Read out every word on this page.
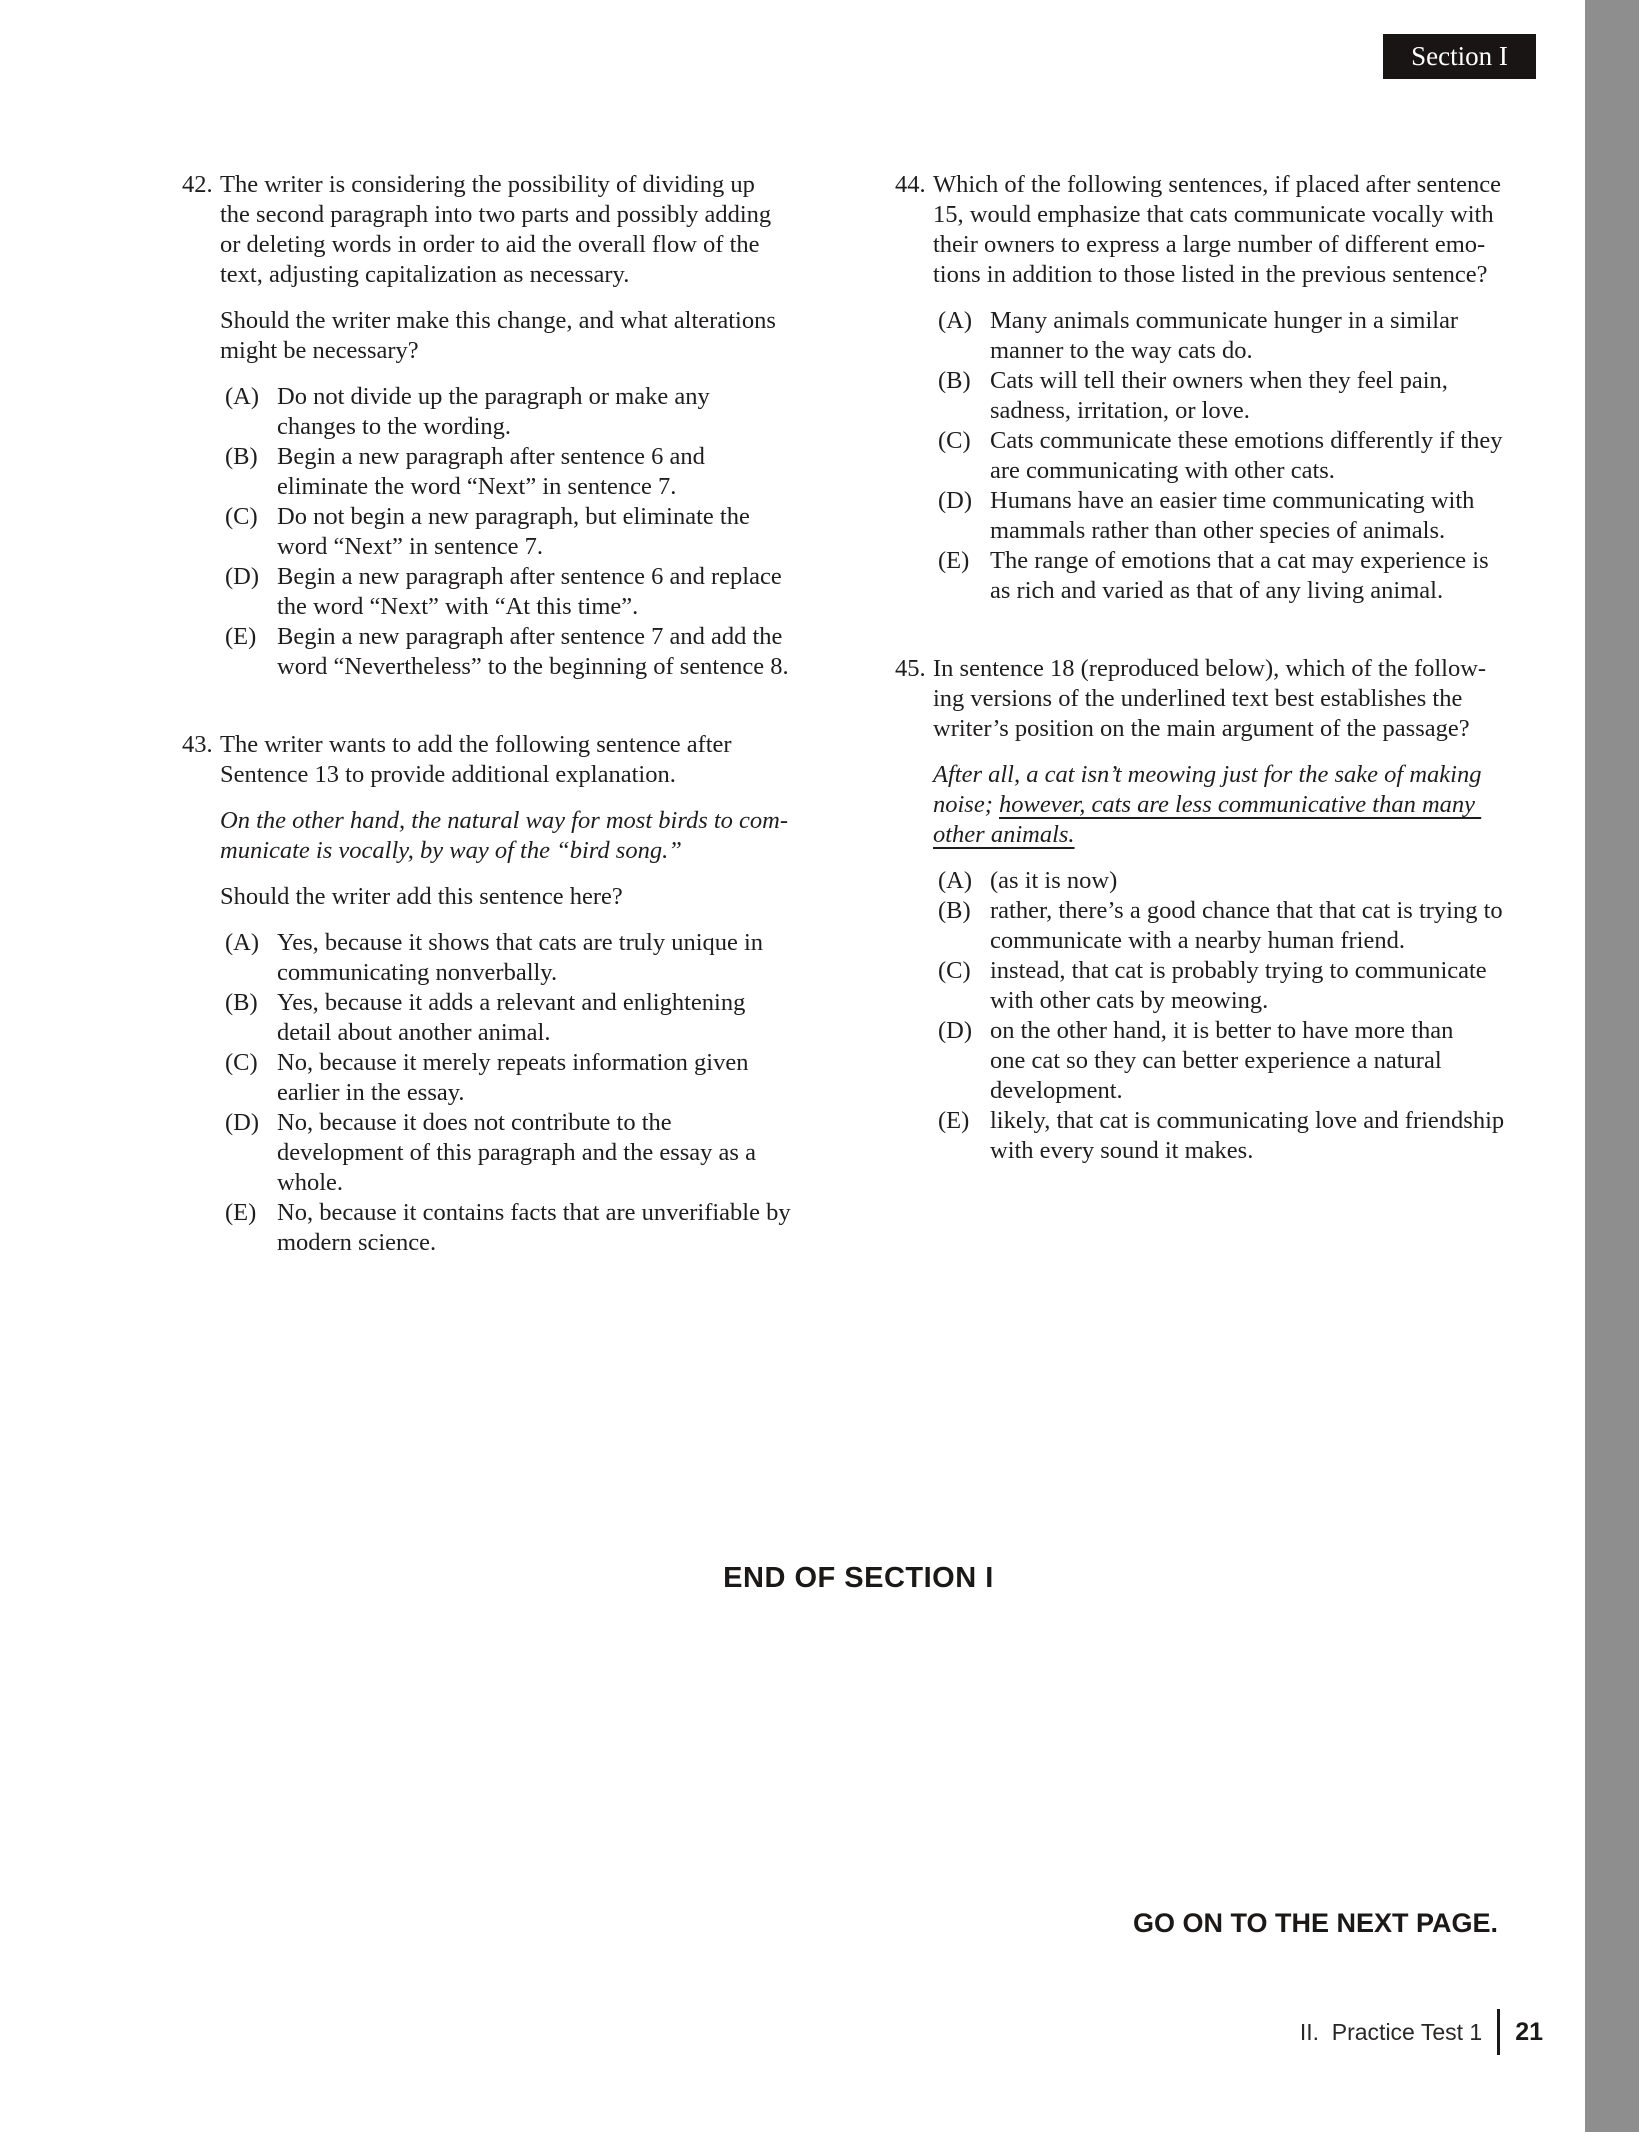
Section I
42. The writer is considering the possibility of dividing up
the second paragraph into two parts and possibly adding
or deleting words in order to aid the overall flow of the
text, adjusting capitalization as necessary.
Should the writer make this change, and what alterations
might be necessary?
(A) Do not divide up the paragraph or make any
changes to the wording.
(B) Begin a new paragraph after sentence 6 and
eliminate the word “Next” in sentence 7.
(C) Do not begin a new paragraph, but eliminate the
word “Next” in sentence 7.
(D) Begin a new paragraph after sentence 6 and replace
the word “Next” with “At this time”.
(E) Begin a new paragraph after sentence 7 and add the
word “Nevertheless” to the beginning of sentence 8.
43. The writer wants to add the following sentence after
Sentence 13 to provide additional explanation.
On the other hand, the natural way for most birds to com-
municate is vocally, by way of the “bird song.”
Should the writer add this sentence here?
(A) Yes, because it shows that cats are truly unique in
communicating nonverbally.
(B) Yes, because it adds a relevant and enlightening
detail about another animal.
(C) No, because it merely repeats information given
earlier in the essay.
(D) No, because it does not contribute to the
development of this paragraph and the essay as a
whole.
(E) No, because it contains facts that are unverifiable by
modern science.
44. Which of the following sentences, if placed after sentence
15, would emphasize that cats communicate vocally with
their owners to express a large number of different emo-
tions in addition to those listed in the previous sentence?
(A) Many animals communicate hunger in a similar
manner to the way cats do.
(B) Cats will tell their owners when they feel pain,
sadness, irritation, or love.
(C) Cats communicate these emotions differently if they
are communicating with other cats.
(D) Humans have an easier time communicating with
mammals rather than other species of animals.
(E) The range of emotions that a cat may experience is
as rich and varied as that of any living animal.
45. In sentence 18 (reproduced below), which of the follow-
ing versions of the underlined text best establishes the
writer’s position on the main argument of the passage?
After all, a cat isn’t meowing just for the sake of making
noise; however, cats are less communicative than many
other animals.
(A) (as it is now)
(B) rather, there’s a good chance that that cat is trying to
communicate with a nearby human friend.
(C) instead, that cat is probably trying to communicate
with other cats by meowing.
(D) on the other hand, it is better to have more than
one cat so they can better experience a natural
development.
(E) likely, that cat is communicating love and friendship
with every sound it makes.
END OF SECTION I
GO ON TO THE NEXT PAGE.
II.  Practice Test 1 21
